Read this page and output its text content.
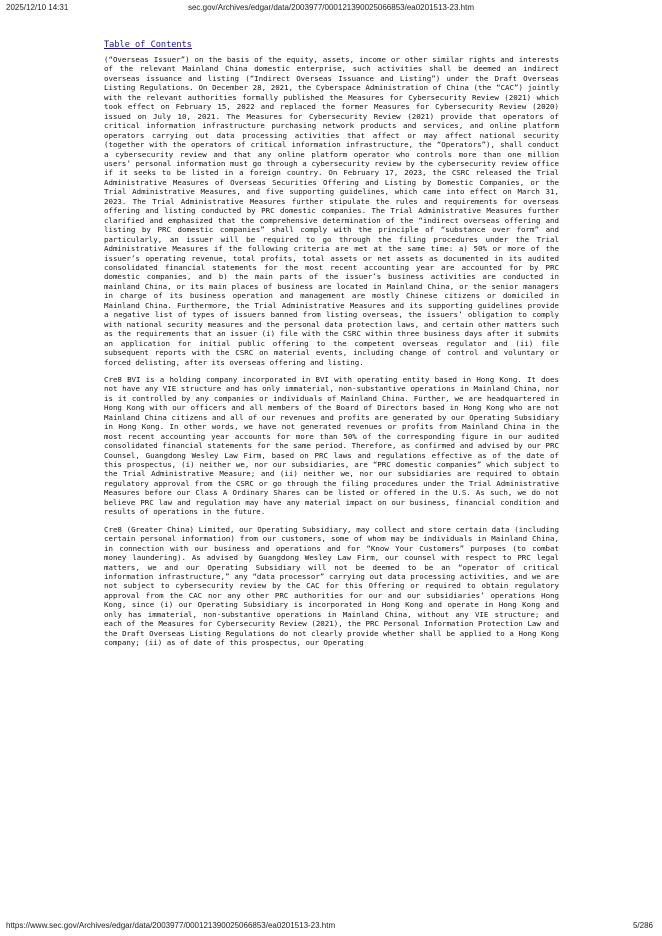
2025/12/10 14:31	sec.gov/Archives/edgar/data/2003977/000121390025066853/ea0201513-23.htm
Table of Contents

(“Overseas Issuer”) on the basis of the equity, assets, income or other similar rights and interests of the relevant Mainland China domestic enterprise, such activities shall be deemed an indirect overseas issuance and listing (“Indirect Overseas Issuance and Listing”) under the Draft Overseas Listing Regulations. On December 28, 2021, the Cyberspace Administration of China (the “CAC”) jointly with the relevant authorities formally published the Measures for Cybersecurity Review (2021) which took effect on February 15, 2022 and replaced the former Measures for Cybersecurity Review (2020) issued on July 10, 2021. The Measures for Cybersecurity Review (2021) provide that operators of critical information infrastructure purchasing network products and services, and online platform operators carrying out data processing activities that affect or may affect national security (together with the operators of critical information infrastructure, the “Operators”), shall conduct a cybersecurity review and that any online platform operator who controls more than one million users’ personal information must go through a cybersecurity review by the cybersecurity review office if it seeks to be listed in a foreign country. On February 17, 2023, the CSRC released the Trial Administrative Measures of Overseas Securities Offering and Listing by Domestic Companies, or the Trial Administrative Measures, and five supporting guidelines, which came into effect on March 31, 2023. The Trial Administrative Measures further stipulate the rules and requirements for overseas offering and listing conducted by PRC domestic companies. The Trial Administrative Measures further clarified and emphasized that the comprehensive determination of the “indirect overseas offering and listing by PRC domestic companies” shall comply with the principle of “substance over form” and particularly, an issuer will be required to go through the filing procedures under the Trial Administrative Measures if the following criteria are met at the same time: a) 50% or more of the issuer’s operating revenue, total profits, total assets or net assets as documented in its audited consolidated financial statements for the most recent accounting year are accounted for by PRC domestic companies, and b) the main parts of the issuer’s business activities are conducted in mainland China, or its main places of business are located in Mainland China, or the senior managers in charge of its business operation and management are mostly Chinese citizens or domiciled in Mainland China. Furthermore, the Trial Administrative Measures and its supporting guidelines provide a negative list of types of issuers banned from listing overseas, the issuers’ obligation to comply with national security measures and the personal data protection laws, and certain other matters such as the requirements that an issuer (i) file with the CSRC within three business days after it submits an application for initial public offering to the competent overseas regulator and (ii) file subsequent reports with the CSRC on material events, including change of control and voluntary or forced delisting, after its overseas offering and listing.

Cre8 BVI is a holding company incorporated in BVI with operating entity based in Hong Kong. It does not have any VIE structure and has only immaterial, non-substantive operations in Mainland China, nor is it controlled by any companies or individuals of Mainland China. Further, we are headquartered in Hong Kong with our officers and all members of the Board of Directors based in Hong Kong who are not Mainland China citizens and all of our revenues and profits are generated by our Operating Subsidiary in Hong Kong. In other words, we have not generated revenues or profits from Mainland China in the most recent accounting year accounts for more than 50% of the corresponding figure in our audited consolidated financial statements for the same period. Therefore, as confirmed and advised by our PRC Counsel, Guangdong Wesley Law Firm, based on PRC laws and regulations effective as of the date of this prospectus, (i) neither we, nor our subsidiaries, are “PRC domestic companies” which subject to the Trial Administrative Measure; and (ii) neither we, nor our subsidiaries are required to obtain regulatory approval from the CSRC or go through the filing procedures under the Trial Administrative Measures before our Class A Ordinary Shares can be listed or offered in the U.S. As such, we do not believe PRC law and regulation may have any material impact on our business, financial condition and results of operations in the future.

Cre8 (Greater China) Limited, our Operating Subsidiary, may collect and store certain data (including certain personal information) from our customers, some of whom may be individuals in Mainland China, in connection with our business and operations and for “Know Your Customers” purposes (to combat money laundering). As advised by Guangdong Wesley Law Firm, our counsel with respect to PRC legal matters, we and our Operating Subsidiary will not be deemed to be an “operator of critical information infrastructure,” any “data processor” carrying out data processing activities, and we are not subject to cybersecurity review by the CAC for this Offering or required to obtain regulatory approval from the CAC nor any other PRC authorities for our and our subsidiaries’ operations Hong Kong, since (i) our Operating Subsidiary is incorporated in Hong Kong and operate in Hong Kong and only has immaterial, non-substantive operations in Mainland China, without any VIE structure; and each of the Measures for Cybersecurity Review (2021), the PRC Personal Information Protection Law and the Draft Overseas Listing Regulations do not clearly provide whether shall be applied to a Hong Kong company; (ii) as of date of this prospectus, our Operating

https://www.sec.gov/Archives/edgar/data/2003977/000121390025066853/ea0201513-23.htm	5/286
